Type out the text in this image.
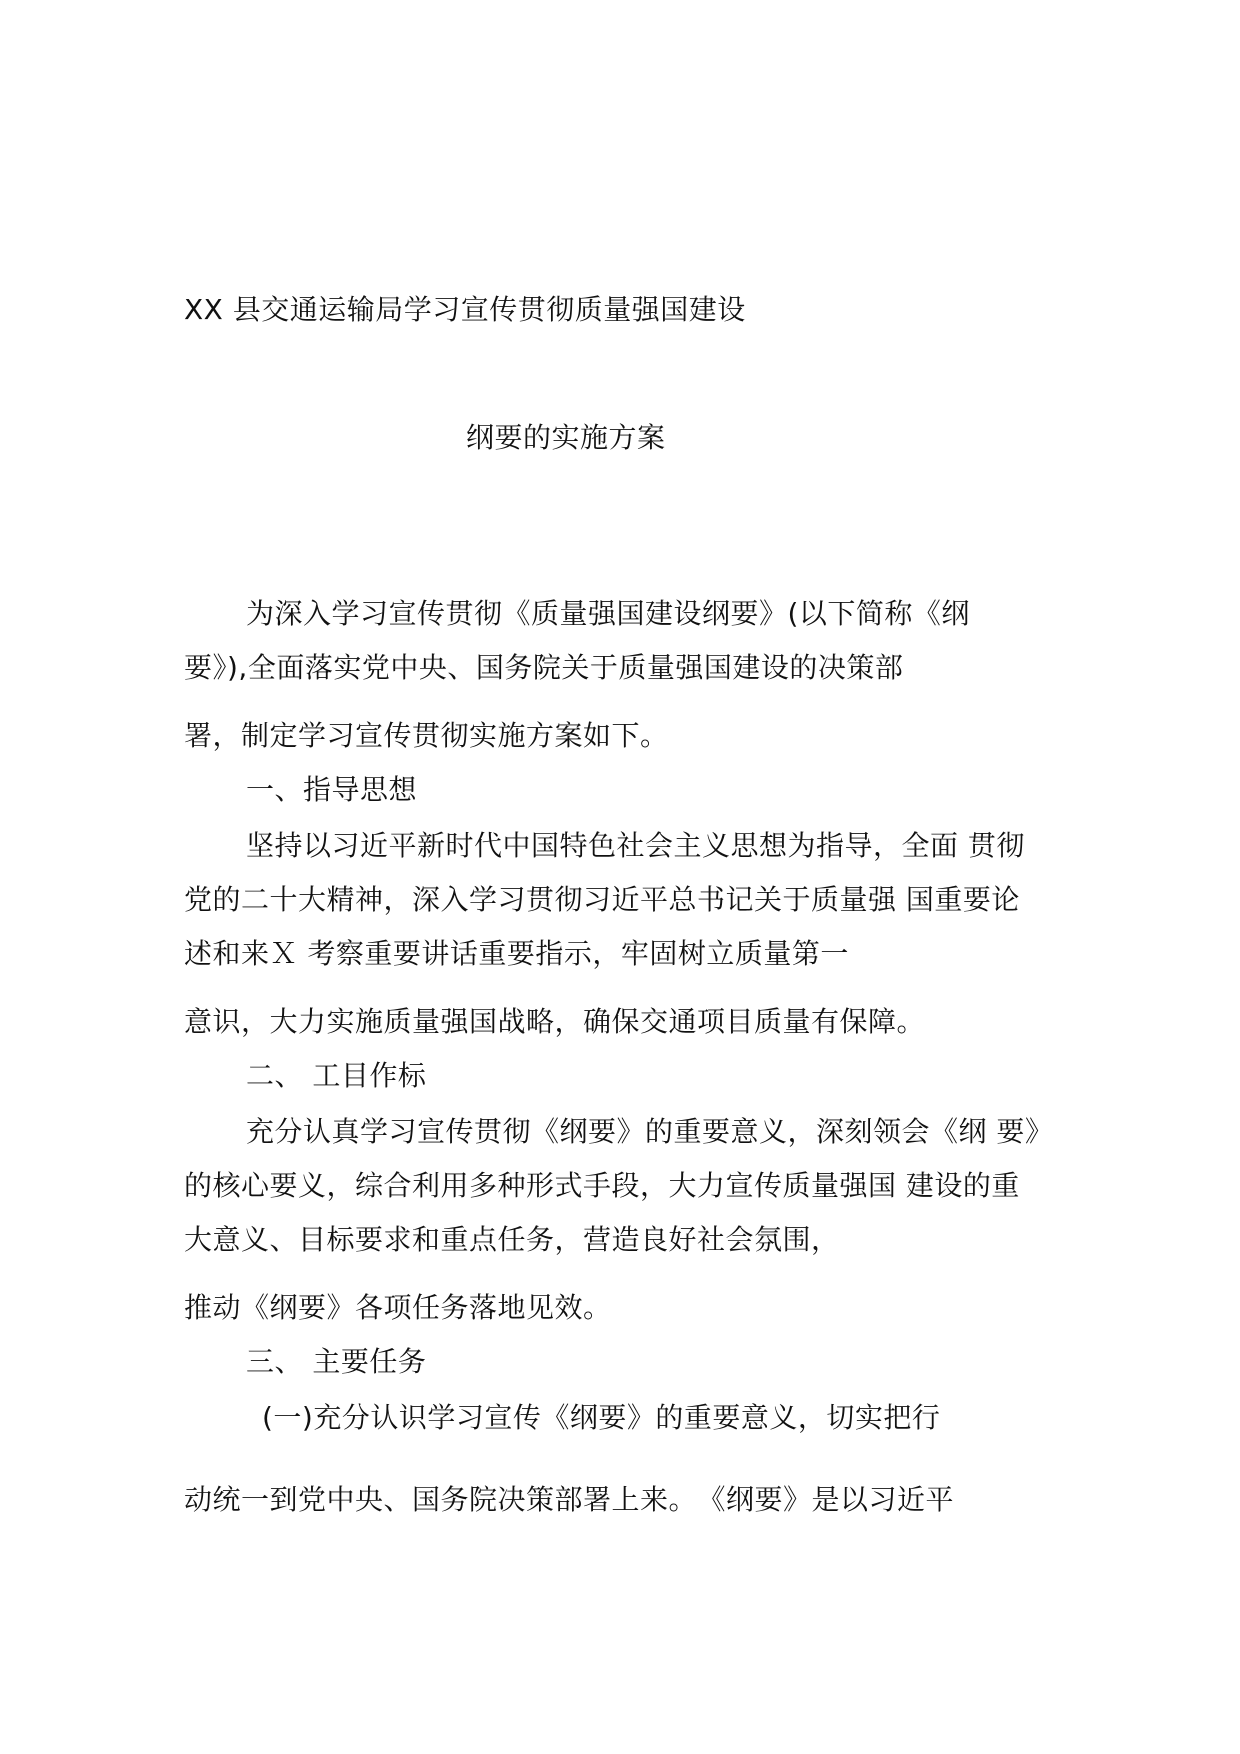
XX 县交通运输局学习宣传贯彻质量强国建设
纲要的实施方案
为深入学习宣传贯彻《质量强国建设纲要》(以下简称《纲
要》),全面落实党中央、国务院关于质量强国建设的决策部
署，制定学习宣传贯彻实施方案如下。
一、指导思想
坚持以习近平新时代中国特色社会主义思想为指导，全面 贯彻
党的二十大精神，深入学习贯彻习近平总书记关于质量强 国重要论
述和来Ｘ 考察重要讲话重要指示，牢固树立质量第一
意识，大力实施质量强国战略，确保交通项目质量有保障。
二、 工目作标
充分认真学习宣传贯彻《纲要》的重要意义，深刻领会《纲 要》
的核心要义，综合利用多种形式手段，大力宣传质量强国 建设的重
大意义、目标要求和重点任务，营造良好社会氛围，
推动《纲要》各项任务落地见效。
三、 主要任务
(一)充分认识学习宣传《纲要》的重要意义，切实把行
动统一到党中央、国务院决策部署上来。　《纲要》是以习近平
